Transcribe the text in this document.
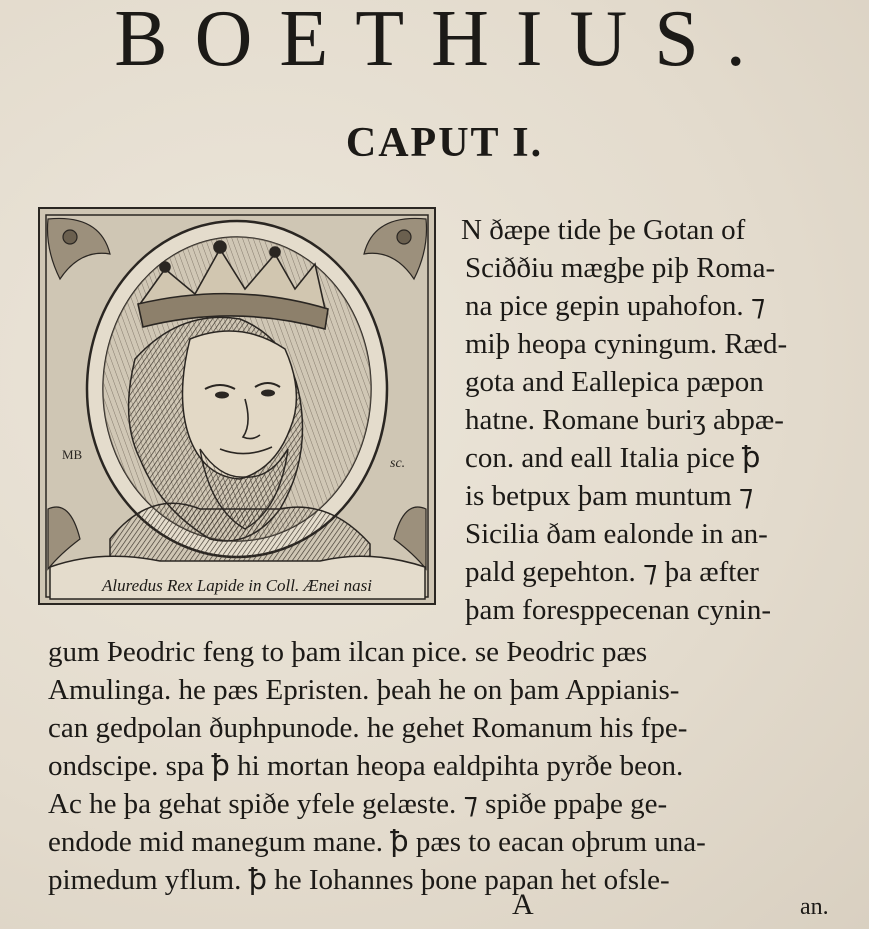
BOETHIUS.
CAPUT I.
MB
sc.
Aluredus Rex Lapide in Coll. Ænei nasi
N ðæpe tide þe Gotan of
Sciððiu mægþe piþ Roma-
na pice gepin upahofon. ⁊
miþ heopa cyningum. Ræd-
gota and Eallepica pæpon
hatne. Romane buriʒ abpæ-
con. and eall Italia pice ꝥ
is betpux þam muntum ⁊
Sicilia ðam ealonde in an-
pald gepehton. ⁊ þa æfter
þam foresppecenan cynin-
gum Þeodric feng to þam ilcan pice. se Þeodric pæs
Amulinga. he pæs Epristen. þeah he on þam Appianis-
can gedpolan ðuphpunode. he gehet Romanum his fpe-
ondscipe. spa ꝥ hi mortan heopa ealdpihta pyrðe beon.
Ac he þa gehat spiðe yfele gelæste. ⁊ spiðe ppaþe ge-
endode mid manegum mane. ꝥ pæs to eacan oþrum una-
pimedum yflum. ꝥ he Iohannes þone papan het ofsle-
A	an.
